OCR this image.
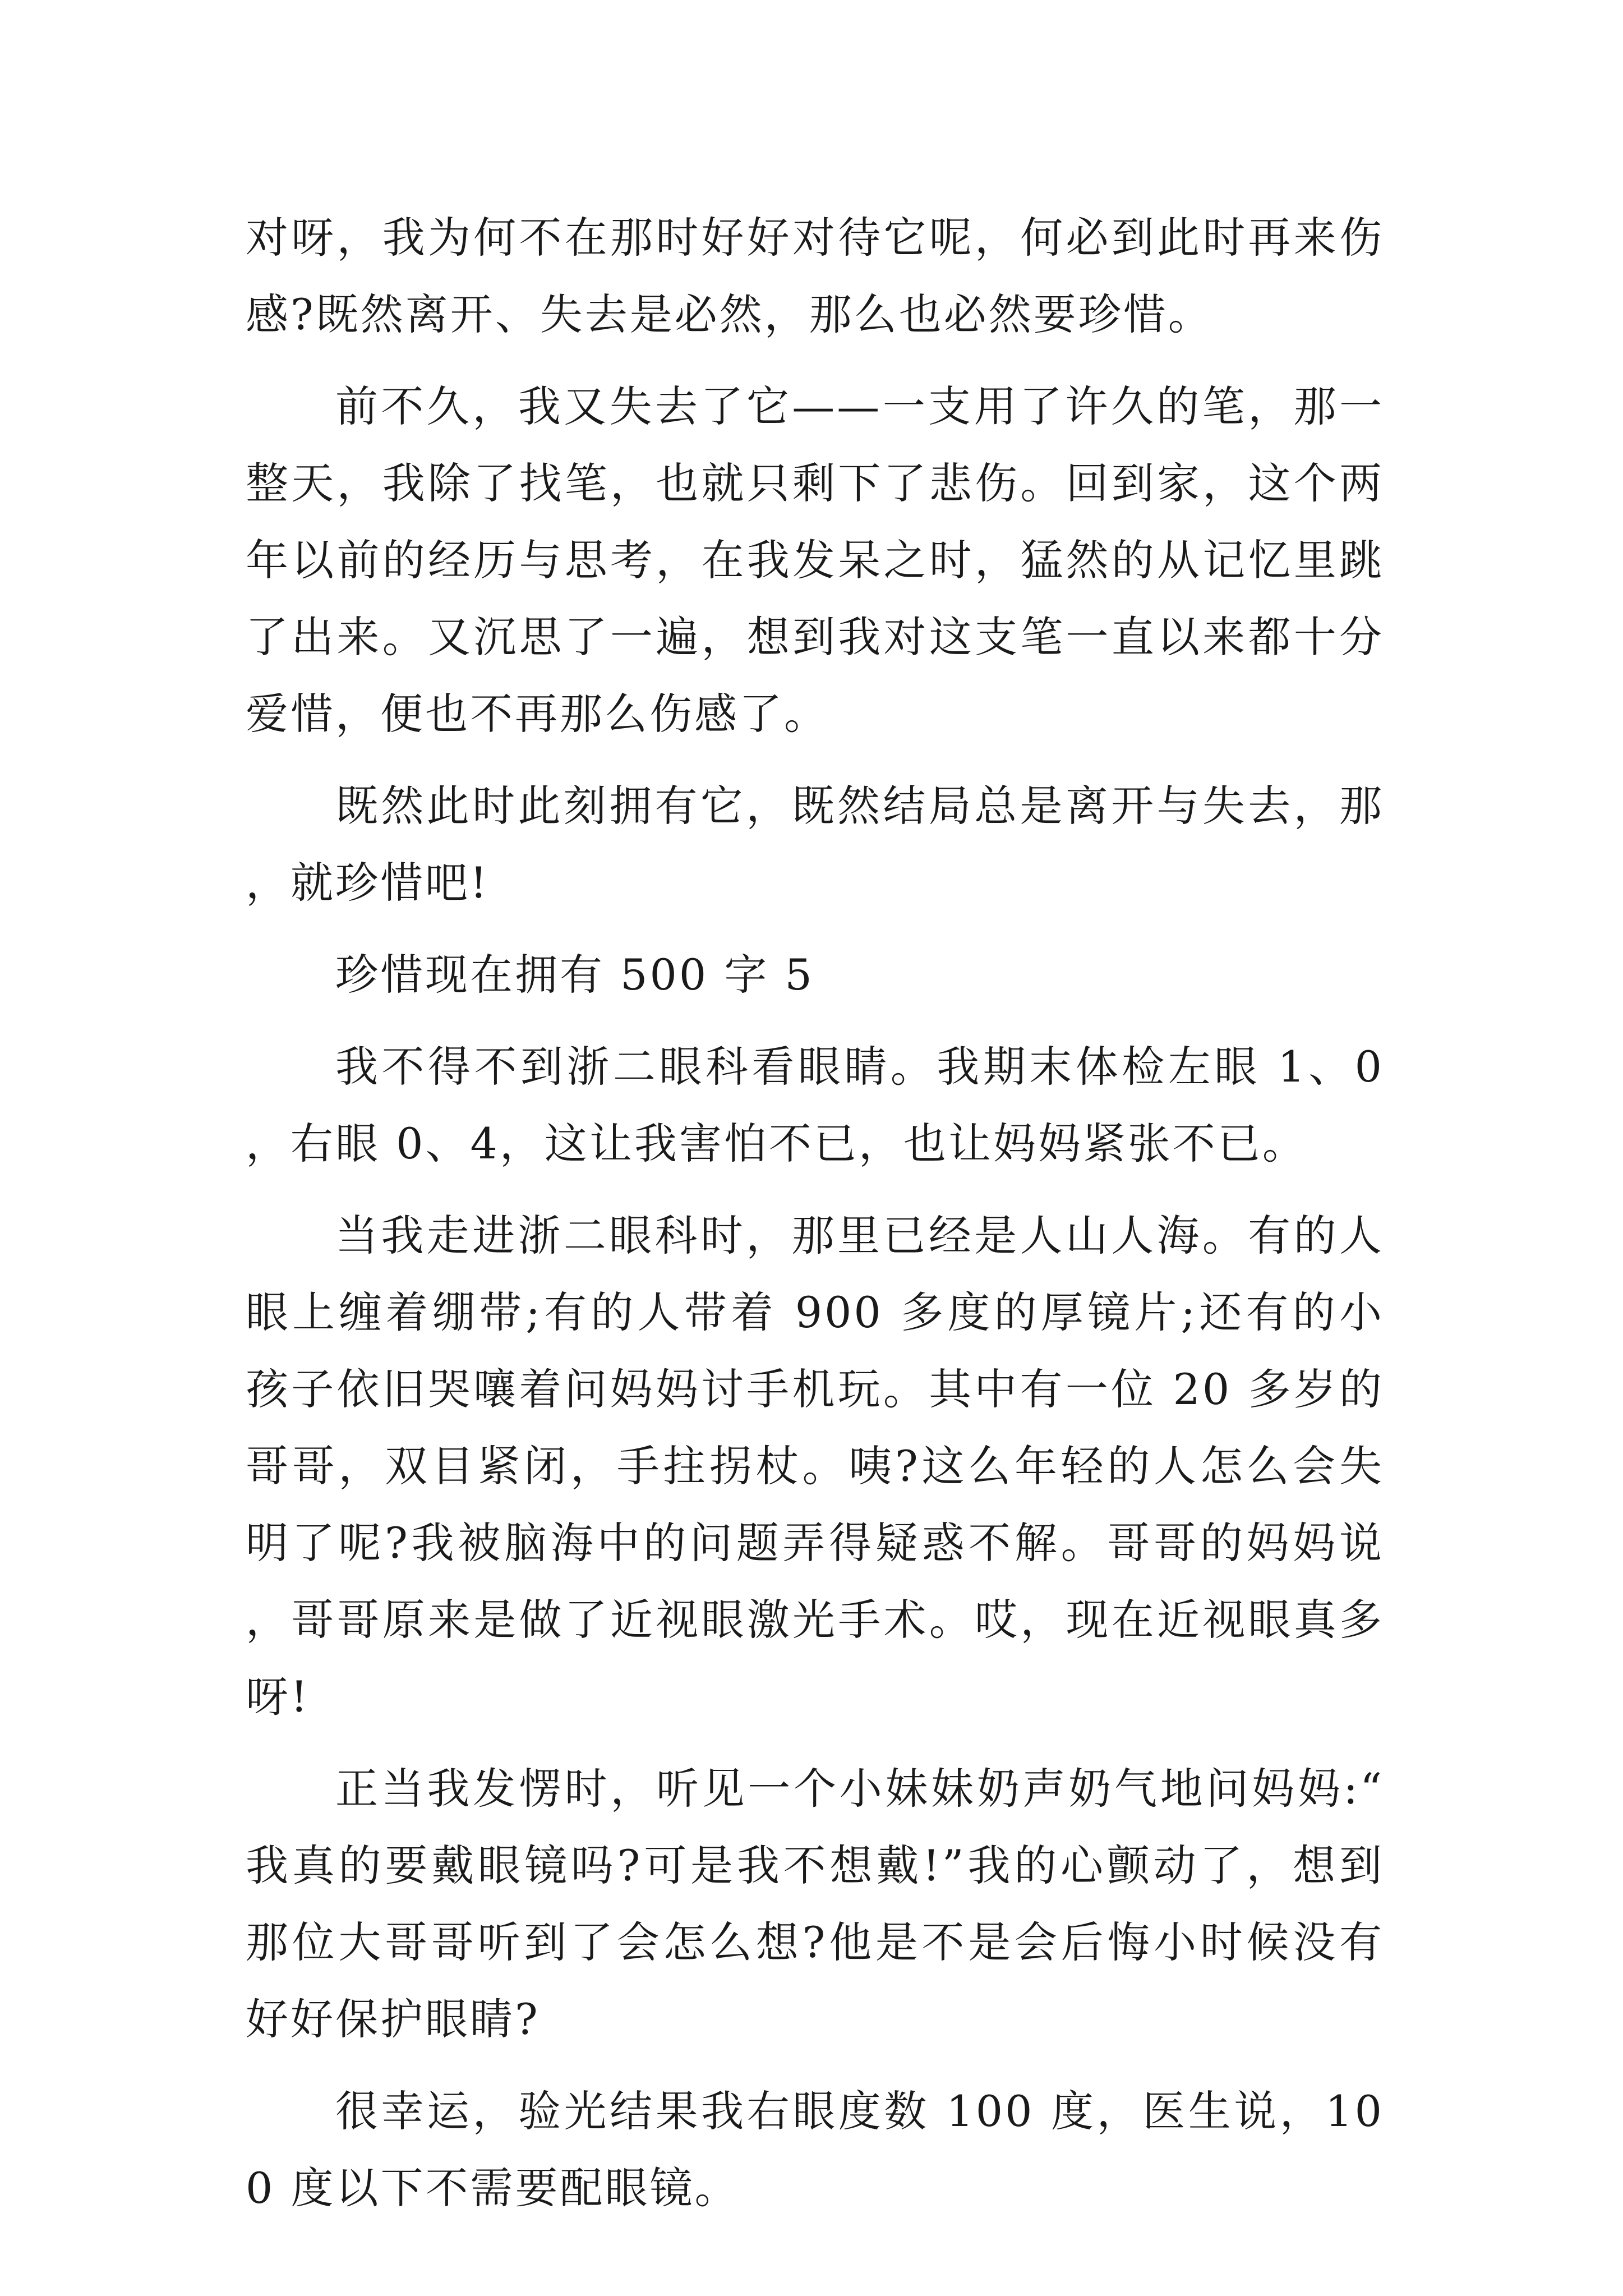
对呀，我为何不在那时好好对待它呢，何必到此时再来伤感?既然离开、失去是必然，那么也必然要珍惜。

前不久，我又失去了它——一支用了许久的笔，那一整天，我除了找笔，也就只剩下了悲伤。回到家，这个两年以前的经历与思考，在我发呆之时，猛然的从记忆里跳了出来。又沉思了一遍，想到我对这支笔一直以来都十分爱惜，便也不再那么伤感了。

既然此时此刻拥有它，既然结局总是离开与失去，那，就珍惜吧!

珍惜现在拥有 500 字 5

我不得不到浙二眼科看眼睛。我期末体检左眼 1、0，右眼 0、4，这让我害怕不已，也让妈妈紧张不已。

当我走进浙二眼科时，那里已经是人山人海。有的人眼上缠着绷带;有的人带着 900 多度的厚镜片;还有的小孩子依旧哭嚷着问妈妈讨手机玩。其中有一位 20 多岁的哥哥，双目紧闭，手拄拐杖。咦?这么年轻的人怎么会失明了呢?我被脑海中的问题弄得疑惑不解。哥哥的妈妈说，哥哥原来是做了近视眼激光手术。哎，现在近视眼真多呀!

正当我发愣时，听见一个小妹妹奶声奶气地问妈妈:“我真的要戴眼镜吗?可是我不想戴!”我的心颤动了，想到那位大哥哥听到了会怎么想?他是不是会后悔小时候没有好好保护眼睛?

很幸运，验光结果我右眼度数 100 度，医生说，100 度以下不需要配眼镜。
